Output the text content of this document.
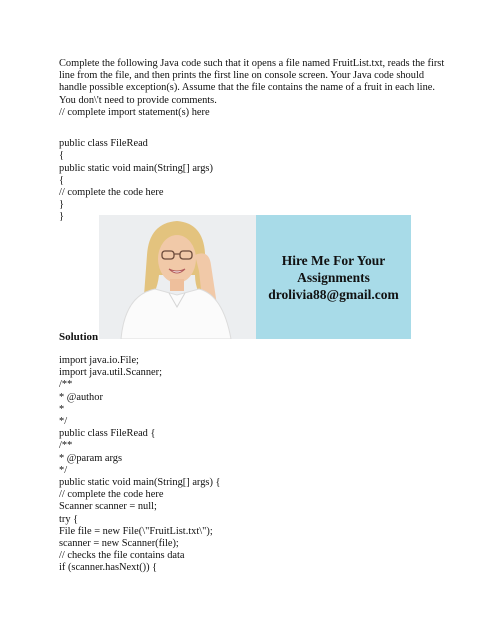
Complete the following Java code such that it opens a file named FruitList.txt, reads the first line from the file, and then prints the first line on console screen. Your Java code should handle possible exception(s). Assume that the file contains the name of a fruit in each line. You don\'t need to provide comments.
// complete import statement(s) here
public class FileRead
{
public static void main(String[] args)
{
// complete the code here
}
}
Hire Me For Your
Assignments
drolivia88@gmail.com
Solution
import java.io.File;
import java.util.Scanner;
/**
* @author
*
*/
public class FileRead {
/**
* @param args
*/
public static void main(String[] args) {
// complete the code here
Scanner scanner = null;
try {
File file = new File(\"FruitList.txt\");
scanner = new Scanner(file);
// checks the file contains data
if (scanner.hasNext()) {
